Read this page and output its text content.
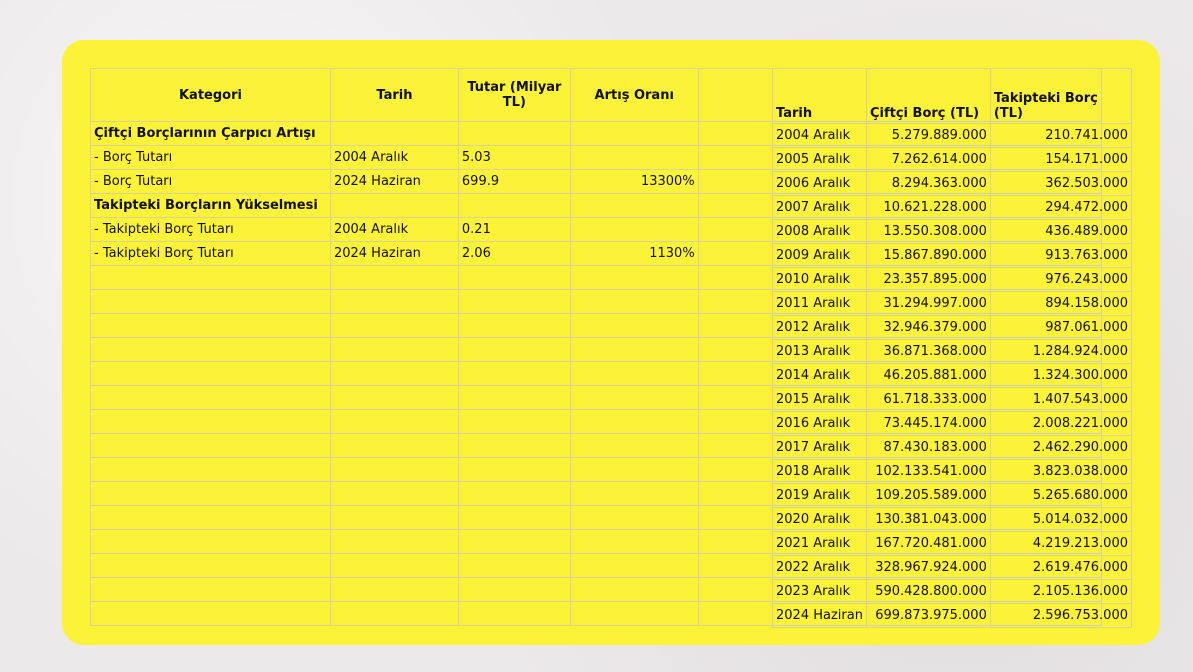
Kategori	Tarih	Tutar (Milyar TL)	Artış Oranı	
Çiftçi Borçlarının Çarpıcı Artışı				
- Borç Tutarı	2004 Aralık	5.03		
- Borç Tutarı	2024 Haziran	699.9	13300%	
Takipteki Borçların Yükselmesi				
- Takipteki Borç Tutarı	2004 Aralık	0.21		
- Takipteki Borç Tutarı	2024 Haziran	2.06	1130%	

Tarih	Çiftçi Borç (TL)	Takipteki Borç (TL)
2004 Aralık	5.279.889.000	210.741.000
2005 Aralık	7.262.614.000	154.171.000
2006 Aralık	8.294.363.000	362.503.000
2007 Aralık	10.621.228.000	294.472.000
2008 Aralık	13.550.308.000	436.489.000
2009 Aralık	15.867.890.000	913.763.000
2010 Aralık	23.357.895.000	976.243.000
2011 Aralık	31.294.997.000	894.158.000
2012 Aralık	32.946.379.000	987.061.000
2013 Aralık	36.871.368.000	1.284.924.000
2014 Aralık	46.205.881.000	1.324.300.000
2015 Aralık	61.718.333.000	1.407.543.000
2016 Aralık	73.445.174.000	2.008.221.000
2017 Aralık	87.430.183.000	2.462.290.000
2018 Aralık	102.133.541.000	3.823.038.000
2019 Aralık	109.205.589.000	5.265.680.000
2020 Aralık	130.381.043.000	5.014.032.000
2021 Aralık	167.720.481.000	4.219.213.000
2022 Aralık	328.967.924.000	2.619.476.000
2023 Aralık	590.428.800.000	2.105.136.000
2024 Haziran	699.873.975.000	2.596.753.000
